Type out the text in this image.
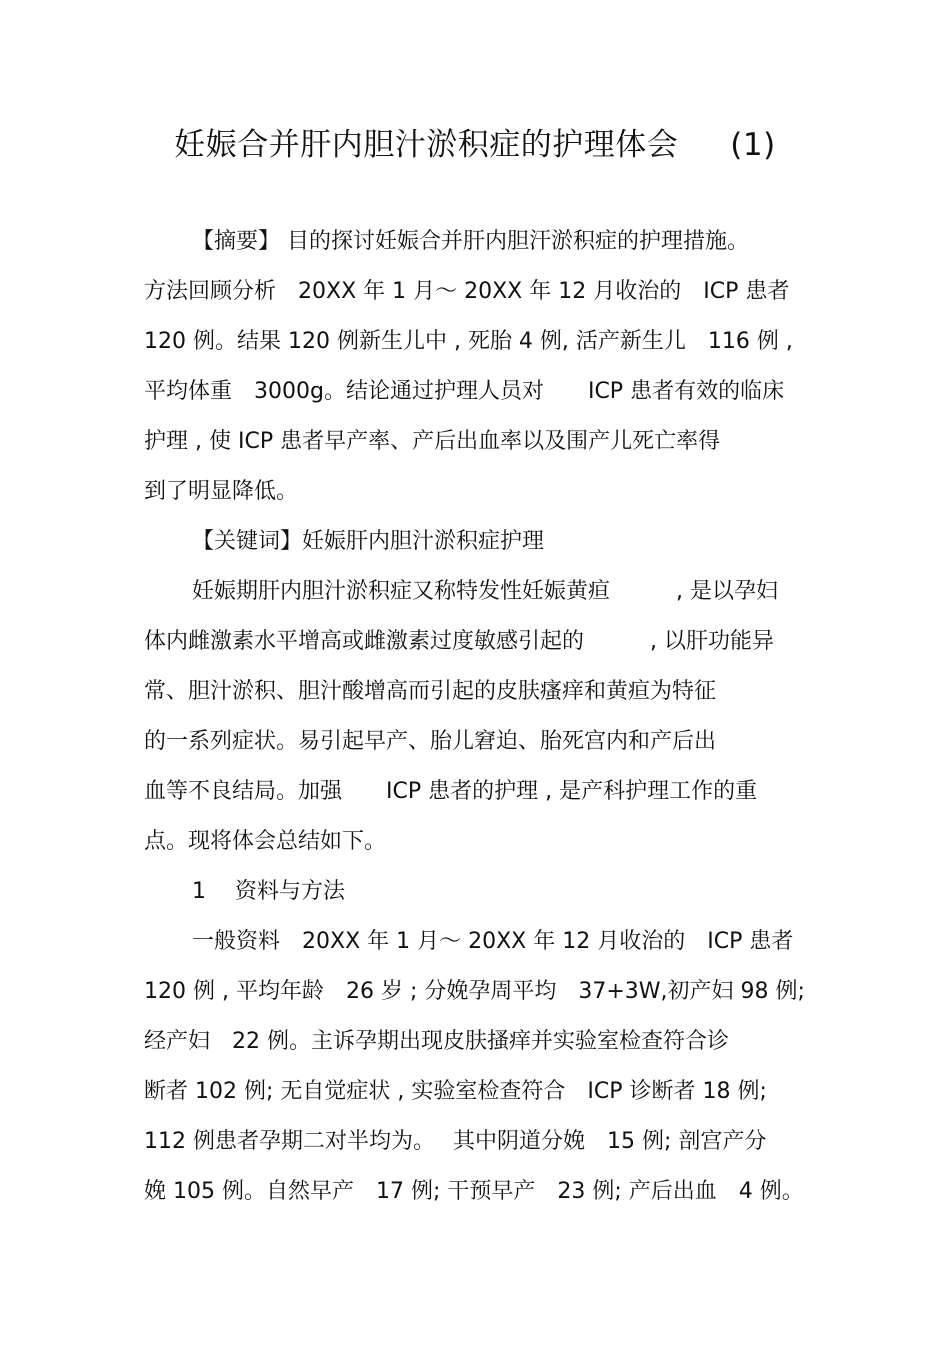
妊娠合并肝内胆汁淤积症的护理体会 (1)
【摘要】 目的探讨妊娠合并肝内胆汗淤积症的护理措施。
方法回顾分析　20XX 年 1 月～ 20XX 年 12 月收治的　ICP 患者
120 例。结果 120 例新生儿中 , 死胎 4 例, 活产新生儿　116 例 ,
平均体重　3000g。结论通过护理人员对　　ICP 患者有效的临床
护理 , 使 ICP 患者早产率、产后出血率以及围产儿死亡率得
到了明显降低。
【关键词】妊娠肝内胆汁淤积症护理
妊娠期肝内胆汁淤积症又称特发性妊娠黄疸　　　, 是以孕妇
体内雌激素水平增高或雌激素过度敏感引起的　　　, 以肝功能异
常、胆汁淤积、胆汁酸增高而引起的皮肤瘙痒和黄疸为特征
的一系列症状。易引起早产、胎儿窘迫、胎死宫内和产后出
血等不良结局。加强　　ICP 患者的护理 , 是产科护理工作的重
点。现将体会总结如下。
1　 资料与方法
一般资料　20XX 年 1 月～ 20XX 年 12 月收治的　ICP 患者
120 例 , 平均年龄　26 岁 ; 分娩孕周平均　37+3W,初产妇 98 例;
经产妇　22 例。主诉孕期出现皮肤搔痒并实验室检查符合诊
断者 102 例; 无自觉症状 , 实验室检查符合　ICP 诊断者 18 例;
112 例患者孕期二对半均为。　 其中阴道分娩　15 例; 剖宫产分
娩 105 例。自然早产　17 例; 干预早产　23 例; 产后出血　4 例。
